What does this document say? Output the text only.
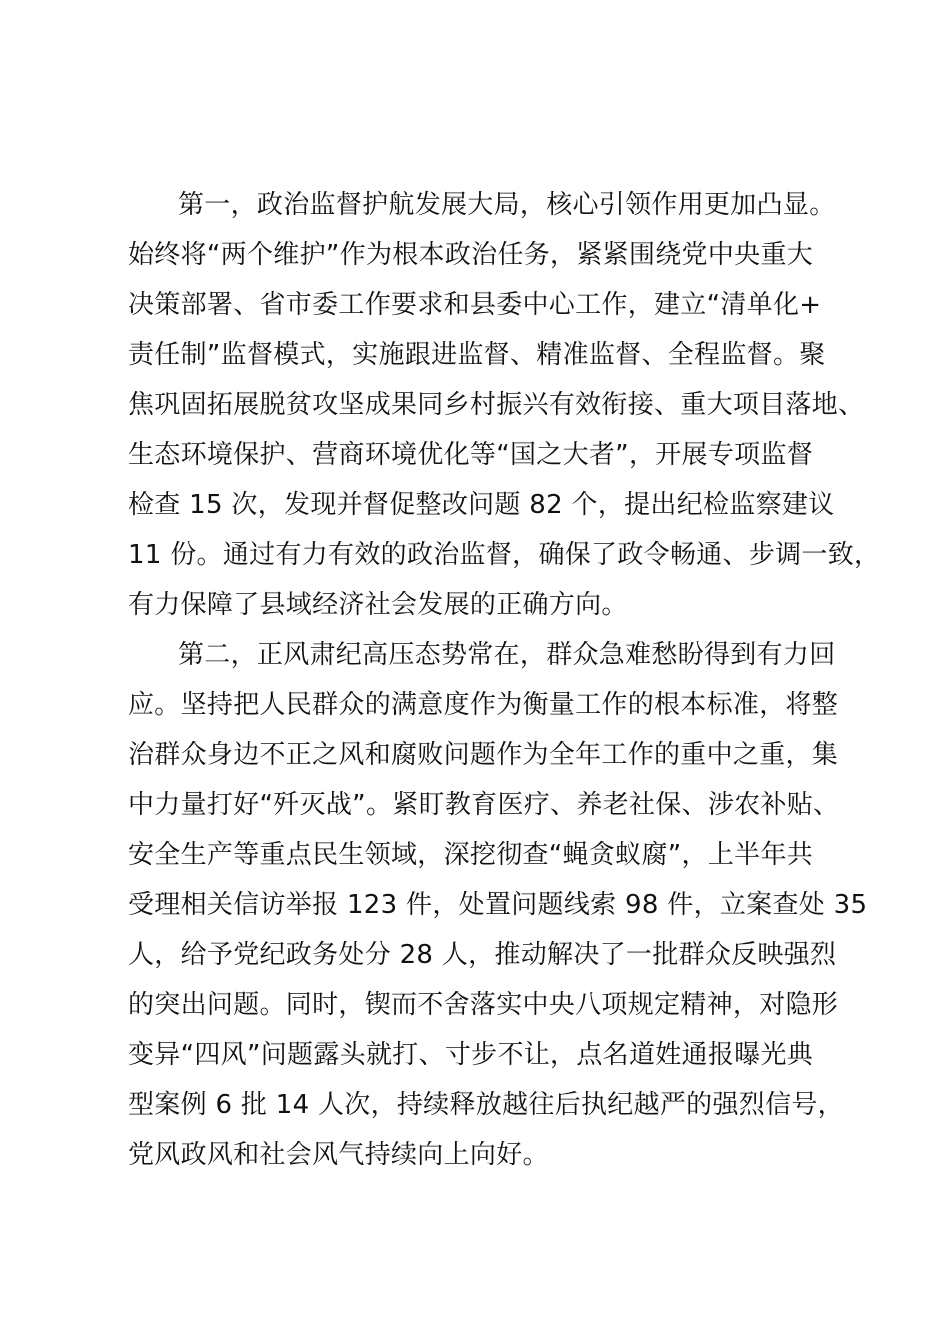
第一，政治监督护航发展大局，核心引领作用更加凸显。
始终将“两个维护”作为根本政治任务，紧紧围绕党中央重大
决策部署、省市委工作要求和县委中心工作，建立“清单化+
责任制”监督模式，实施跟进监督、精准监督、全程监督。聚
焦巩固拓展脱贫攻坚成果同乡村振兴有效衔接、重大项目落地、
生态环境保护、营商环境优化等“国之大者”，开展专项监督
检查 15 次，发现并督促整改问题 82 个，提出纪检监察建议
11 份。通过有力有效的政治监督，确保了政令畅通、步调一致，
有力保障了县域经济社会发展的正确方向。
第二，正风肃纪高压态势常在，群众急难愁盼得到有力回
应。坚持把人民群众的满意度作为衡量工作的根本标准，将整
治群众身边不正之风和腐败问题作为全年工作的重中之重，集
中力量打好“歼灭战”。紧盯教育医疗、养老社保、涉农补贴、
安全生产等重点民生领域，深挖彻查“蝇贪蚁腐”，上半年共
受理相关信访举报 123 件，处置问题线索 98 件，立案查处 35
人，给予党纪政务处分 28 人，推动解决了一批群众反映强烈
的突出问题。同时，锲而不舍落实中央八项规定精神，对隐形
变异“四风”问题露头就打、寸步不让，点名道姓通报曝光典
型案例 6 批 14 人次，持续释放越往后执纪越严的强烈信号，
党风政风和社会风气持续向上向好。
